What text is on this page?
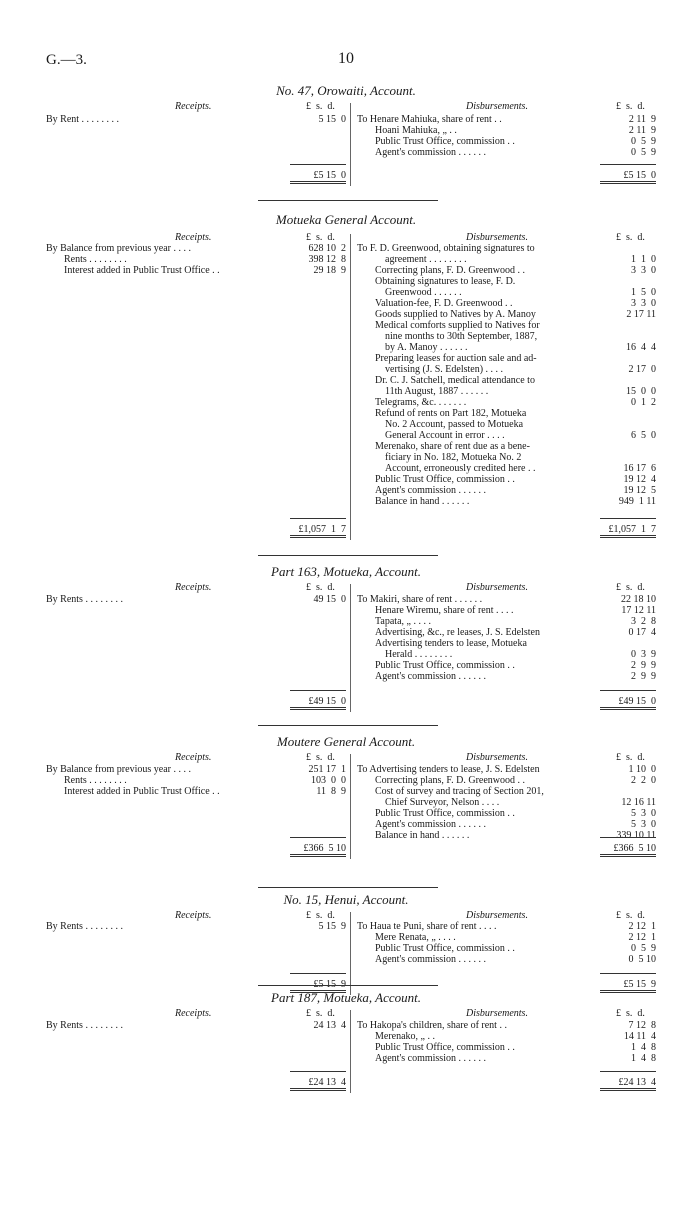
G.—3.	10
No. 47, Orowaiti, Account.
Receipts.	£  s.  d.	Disbursements.	£  s.  d.
By Rent . . . . . . . .	5 15  0 To Henare Mahiuka, share of rent . .	2 11  9
Hoani Mahiuka, „ . .	2 11  9
Public Trust Office, commission . .	0  5  9
Agent's commission . . . . . .	0  5  9
£5 15  0	£5 15  0
Motueka General Account.
Receipts.	£  s.  d.	Disbursements.	£  s.  d.
By Balance from previous year . . . .	628 10  2
Rents . . . . . . . .	398 12  8
Interest added in Public Trust Office . .	29 18  9
To F. D. Greenwood, obtaining signatures to
agreement . . . . . . . .	1  1  0
Correcting plans, F. D. Greenwood . .	3  3  0
Obtaining signatures to lease, F. D.
Greenwood . . . . . .	1  5  0
Valuation-fee, F. D. Greenwood . .	3  3  0
Goods supplied to Natives by A. Manoy	2 17 11
Medical comforts supplied to Natives for
nine months to 30th September, 1887,
by A. Manoy . . . . . .	16  4  4
Preparing leases for auction sale and ad-
vertising (J. S. Edelsten) . . . .	2 17  0
Dr. C. J. Satchell, medical attendance to
11th August, 1887 . . . . . .	15  0  0
Telegrams, &c. . . . . . .	0  1  2
Refund of rents on Part 182, Motueka
No. 2 Account, passed to Motueka
General Account in error . . . .	6  5  0
Merenako, share of rent due as a bene-
ficiary in No. 182, Motueka No. 2
Account, erroneously credited here . .	16 17  6
Public Trust Office, commission . .	19 12  4
Agent's commission . . . . . .	19 12  5
Balance in hand . . . . . .	949  1 11
£1,057  1  7	£1,057  1  7
Part 163, Motueka, Account.
Receipts.	£  s.  d.	Disbursements.	£  s.  d.
By Rents . . . . . . . .	49 15  0 To Makiri, share of rent . . . . . .	22 18 10
Henare Wiremu, share of rent . . . .	17 12 11
Tapata, „ . . . .	3  2  8
Advertising, &c., re leases, J. S. Edelsten	0 17  4
Advertising tenders to lease, Motueka
Herald . . . . . . . .	0  3  9
Public Trust Office, commission . .	2  9  9
Agent's commission . . . . . .	2  9  9
£49 15  0	£49 15  0
Moutere General Account.
Receipts.	£  s.  d.	Disbursements.	£  s.  d.
By Balance from previous year . . . .	251 17  1
Rents . . . . . . . .	103  0  0
Interest added in Public Trust Office . .	11  8  9
To Advertising tenders to lease, J. S. Edelsten	1 10  0
Correcting plans, F. D. Greenwood . .	2  2  0
Cost of survey and tracing of Section 201,
Chief Surveyor, Nelson . . . .	12 16 11
Public Trust Office, commission . .	5  3  0
Agent's commission . . . . . .	5  3  0
Balance in hand . . . . . .	339 10 11
£366  5 10	£366  5 10
No. 15, Henui, Account.
Receipts.	£  s.  d.	Disbursements.	£  s.  d.
By Rents . . . . . . . .	5 15  9 To Haua te Puni, share of rent . . . .	2 12  1
Mere Renata, „ . . . .	2 12  1
Public Trust Office, commission . .	0  5  9
Agent's commission . . . . . .	0  5 10
£5 15  9	£5 15  9
Part 187, Motueka, Account.
Receipts.	£  s.  d.	Disbursements.	£  s.  d.
By Rents . . . . . . . .	24 13  4 To Hakopa's children, share of rent . .	7 12  8
Merenako, „ . .	14 11  4
Public Trust Office, commission . .	1  4  8
Agent's commission . . . . . .	1  4  8
£24 13  4	£24 13  4
